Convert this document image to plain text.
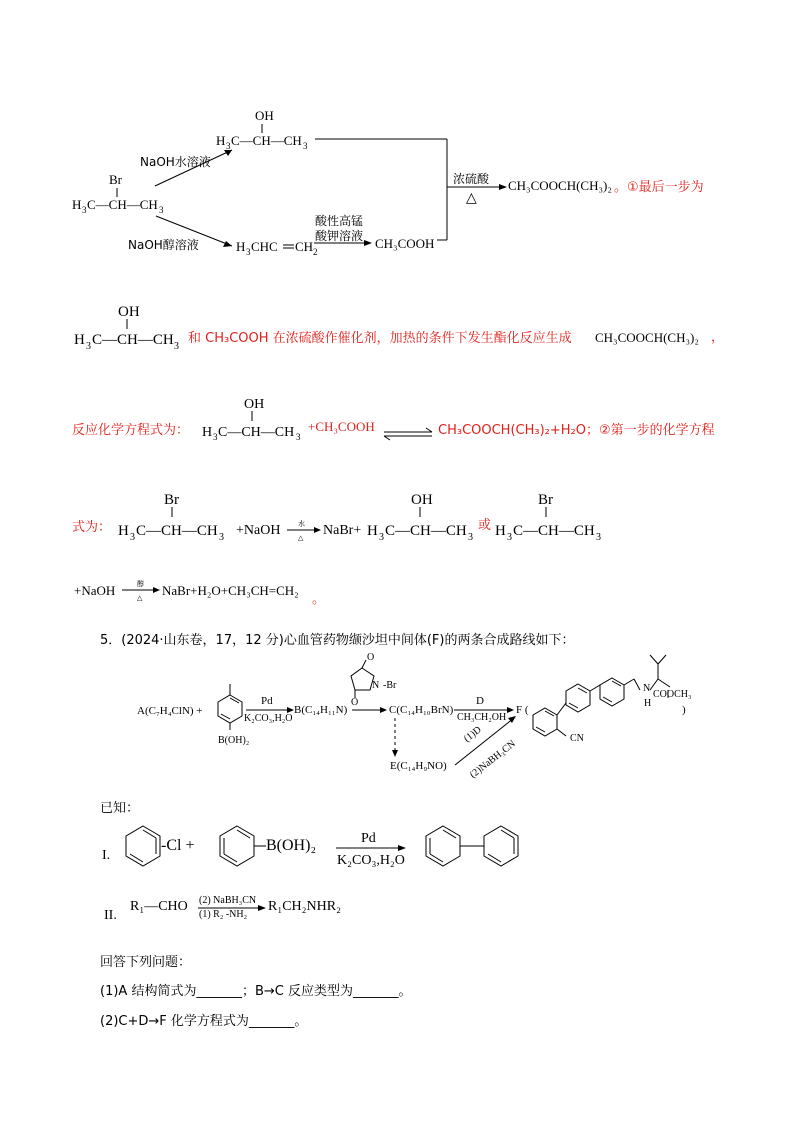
Br
H 3 C—CH—CH 3
H 3 C—CH—CH 3
H 3 CHC CH 2
OH
NaOH水溶液
NaOH醇溶液
酸性高锰
酸钾溶液 CH₃COOH
浓硫酸
△
CH₃COOCH(CH₃)₂ 。①最后一步为
OH
H 3 C—CH—CH 3
和 CH₃COOH 在浓硫酸作催化剂，加热的条件下发生酯化反应生成 CH₃COOCH(CH₃)₂ ，
反应化学方程式为：
OH
H 3 C—CH—CH 3
+CH₃COOH	CH₃COOCH(CH₃)₂+H₂O；②第一步的化学方程
式为：
Br
H 3 C—CH—CH 3
水
△
OH
H 3 C—CH—CH 3
Br
H 3 C—CH—CH 3
+NaOH	NaBr+	或
+NaOH	醇
△ NaBr+H₂O+CH₃CH=CH₂
。
5．(2024·山东卷，17，12 分)心血管药物缬沙坦中间体(F)的两条合成路线如下：
A(C₇H₄ClN) +
B(OH)₂
Pd
K₂CO₃,H₂O
B(C₁₄H₁₁N)
O
N -Br
O
C(C₁₄H₁₀BrN)
D
CH₃CH₂OH
F (
CN
N
H
COOCH₃
)
E(C₁₄H₉NO)
(1)D
(2)NaBH₃CN
已知：
I.
-Cl +	B(OH)₂	Pd
K₂CO₃,H₂O
II.
R₁—CHO (2) NaBH₃CN
(1) R₂ -NH₂
R₁CH₂NHR₂
回答下列问题：
(1)A 结构简式为_______；B→C 反应类型为_______。
(2)C+D→F 化学方程式为_______。
